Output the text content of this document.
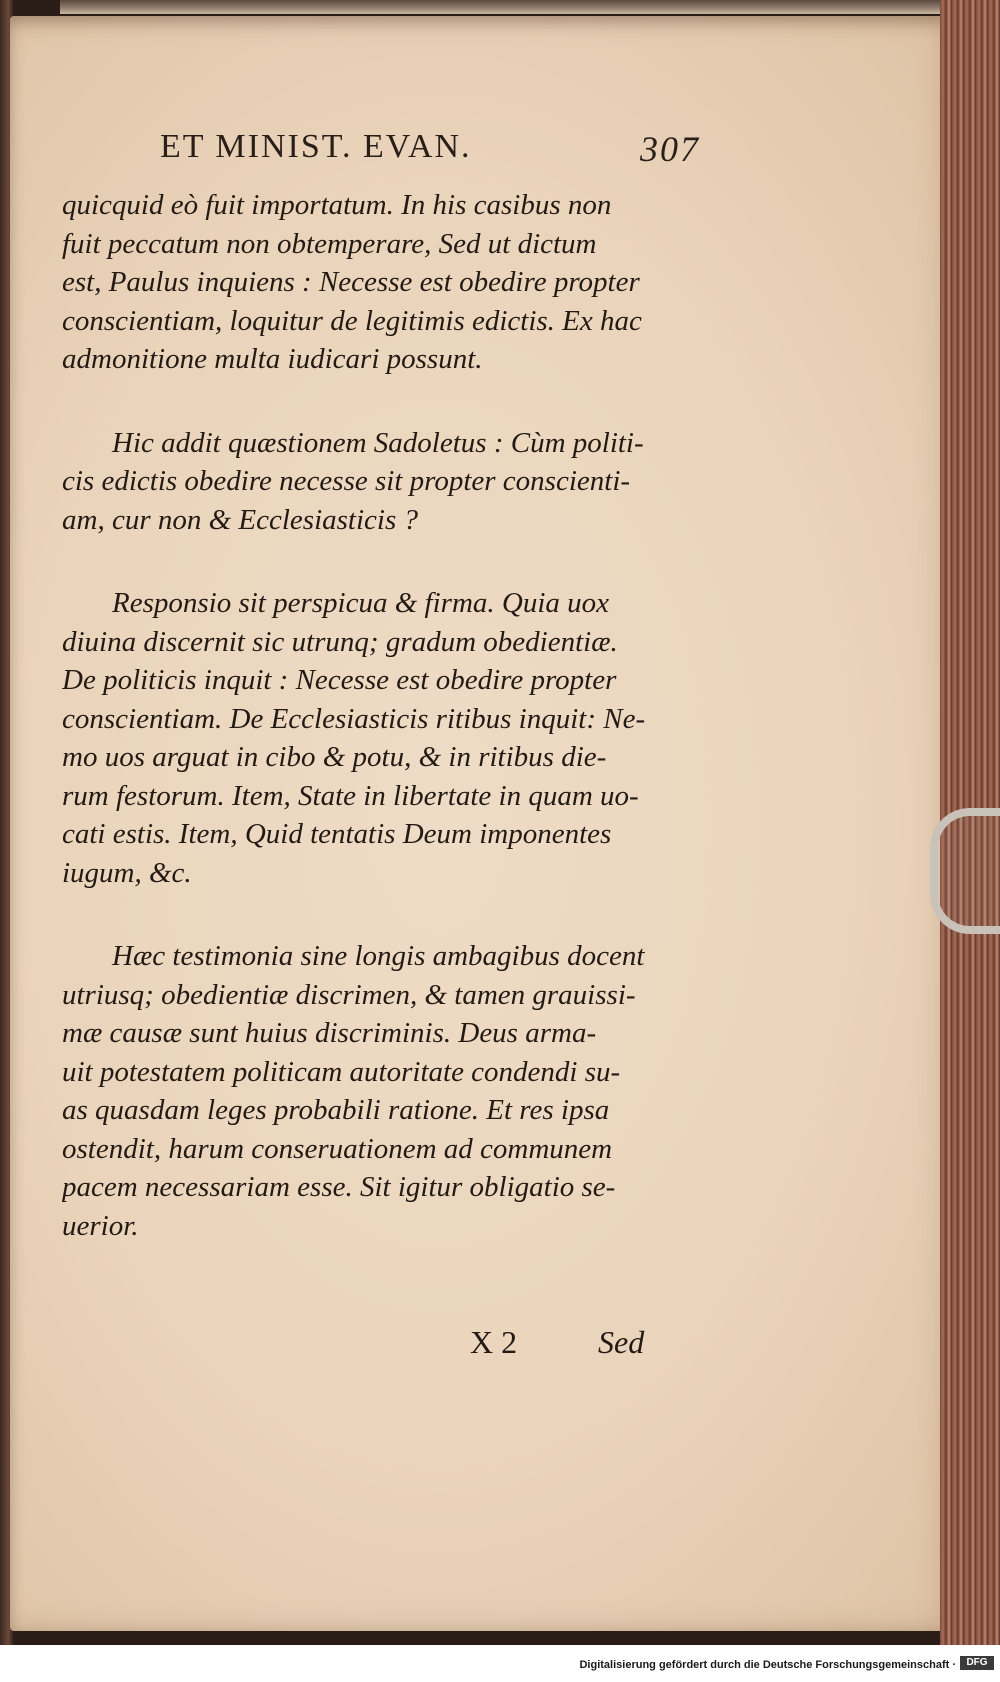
ET MINIST. EVAN.	307
quicquid eò fuit importatum. In his casibus non
fuit peccatum non obtemperare, Sed ut dictum
est, Paulus inquiens : Necesse est obedire propter
conscientiam, loquitur de legitimis edictis. Ex hac
admonitione multa iudicari possunt.
Hic addit quæstionem Sadoletus : Cùm politi-
cis edictis obedire necesse sit propter conscienti-
am, cur non & Ecclesiasticis ?
Responsio sit perspicua & firma. Quia uox
diuina discernit sic utrunq; gradum obedientiæ.
De politicis inquit : Necesse est obedire propter
conscientiam. De Ecclesiasticis ritibus inquit: Ne-
mo uos arguat in cibo & potu, & in ritibus die-
rum festorum. Item, State in libertate in quam uo-
cati estis. Item, Quid tentatis Deum imponentes
iugum, &c.
Hæc testimonia sine longis ambagibus docent
utriusq; obedientiæ discrimen, & tamen grauissi-
mæ causæ sunt huius discriminis. Deus arma-
uit potestatem politicam autoritate condendi su-
as quasdam leges probabili ratione. Et res ipsa
ostendit, harum conseruationem ad communem
pacem necessariam esse. Sit igitur obligatio se-
uerior.
X 2	Sed
Digitalisierung gefördert durch die Deutsche Forschungsgemeinschaft ·	DFG
